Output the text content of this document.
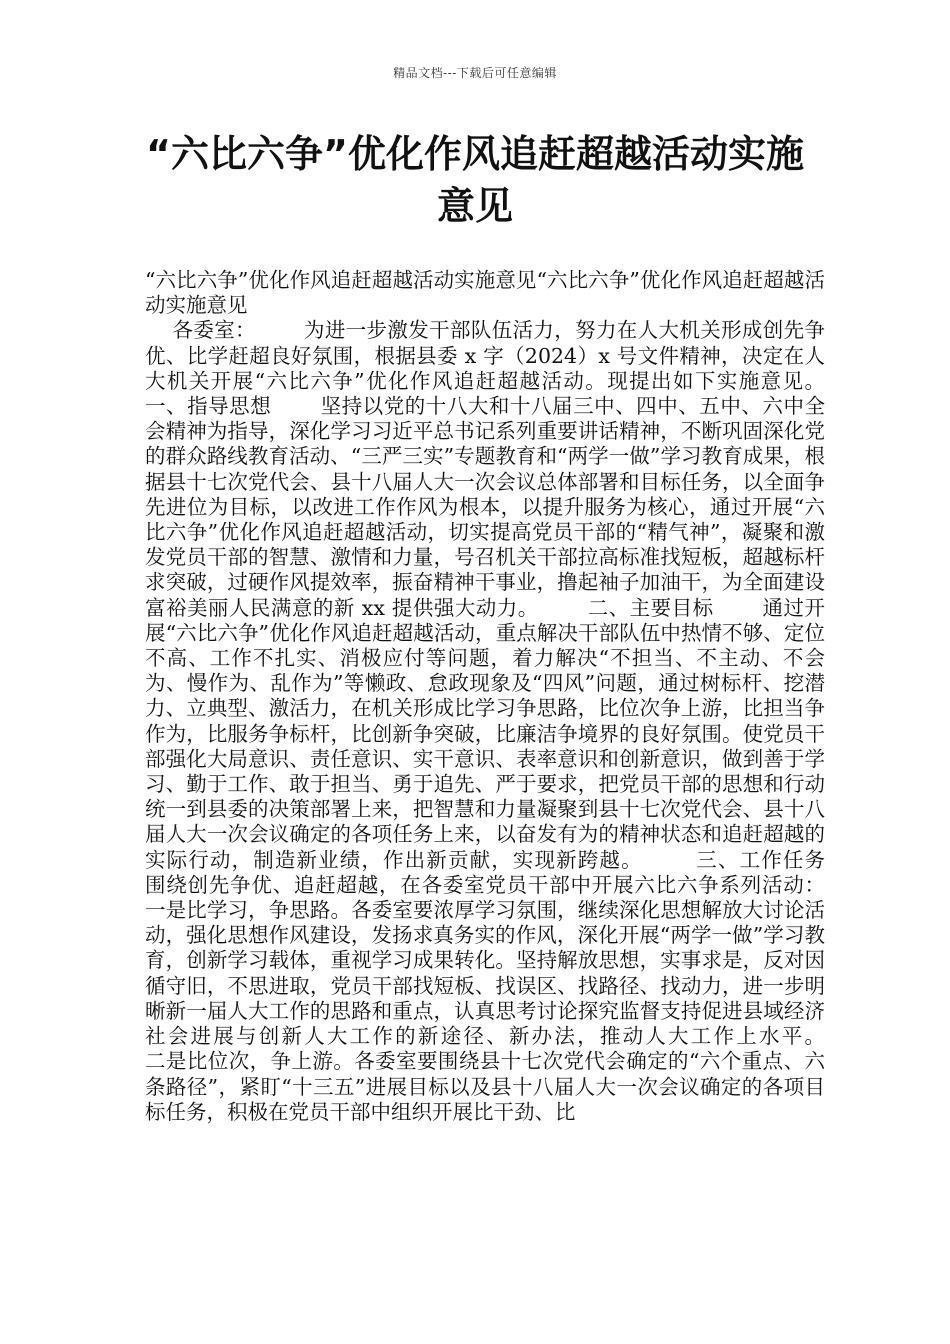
精品文档---下载后可任意编辑
“六比六争”优化作风追赶超越活动实施意见

“六比六争”优化作风追赶超越活动实施意见“六比六争”优化作风追赶超越活动实施意见
各委室：       为进一步激发干部队伍活力，努力在人大机关形成创先争优、比学赶超良好氛围，根据县委 x 字（2024）x 号文件精神，决定在人大机关开展“六比六争”优化作风追赶超越活动。现提出如下实施意见。       一、指导思想       坚持以党的十八大和十八届三中、四中、五中、六中全会精神为指导，深化学习习近平总书记系列重要讲话精神，不断巩固深化党的群众路线教育活动、“三严三实”专题教育和“两学一做”学习教育成果，根据县十七次党代会、县十八届人大一次会议总体部署和目标任务，以全面争先进位为目标，以改进工作作风为根本，以提升服务为核心，通过开展“六比六争”优化作风追赶超越活动，切实提高党员干部的“精气神”，凝聚和激发党员干部的智慧、激情和力量，号召机关干部拉高标准找短板，超越标杆求突破，过硬作风提效率，振奋精神干事业，撸起袖子加油干，为全面建设富裕美丽人民满意的新 xx 提供强大动力。       二、主要目标       通过开展“六比六争”优化作风追赶超越活动，重点解决干部队伍中热情不够、定位不高、工作不扎实、消极应付等问题，着力解决“不担当、不主动、不会为、慢作为、乱作为”等懒政、怠政现象及“四风”问题，通过树标杆、挖潜力、立典型、激活力，在机关形成比学习争思路，比位次争上游，比担当争作为，比服务争标杆，比创新争突破，比廉洁争境界的良好氛围。使党员干部强化大局意识、责任意识、实干意识、表率意识和创新意识，做到善于学习、勤于工作、敢于担当、勇于追先、严于要求，把党员干部的思想和行动统一到县委的决策部署上来，把智慧和力量凝聚到县十七次党代会、县十八届人大一次会议确定的各项任务上来，以奋发有为的精神状态和追赶超越的实际行动，制造新业绩，作出新贡献，实现新跨越。       三、工作任务       围绕创先争优、追赶超越，在各委室党员干部中开展六比六争系列活动：       一是比学习，争思路。各委室要浓厚学习氛围，继续深化思想解放大讨论活动，强化思想作风建设，发扬求真务实的作风，深化开展“两学一做”学习教育，创新学习载体，重视学习成果转化。坚持解放思想，实事求是，反对因循守旧，不思进取，党员干部找短板、找误区、找路径、找动力，进一步明晰新一届人大工作的思路和重点，认真思考讨论探究监督支持促进县域经济社会进展与创新人大工作的新途径、新办法，推动人大工作上水平。       二是比位次，争上游。各委室要围绕县十七次党代会确定的“六个重点、六条路径”，紧盯“十三五”进展目标以及县十八届人大一次会议确定的各项目标任务，积极在党员干部中组织开展比干劲、比
